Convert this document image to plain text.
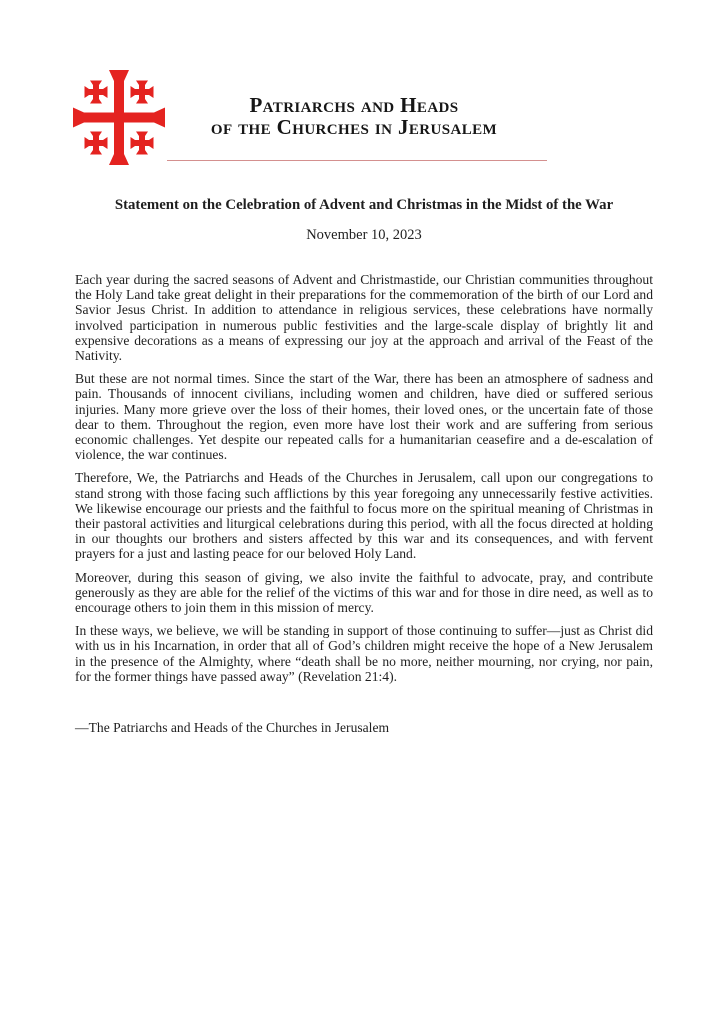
Patriarchs and Heads
of the Churches in Jerusalem
Statement on the Celebration of Advent and Christmas in the Midst of the War
November 10, 2023

Each year during the sacred seasons of Advent and Christmastide, our Christian communities throughout the Holy Land take great delight in their preparations for the commemoration of the birth of our Lord and Savior Jesus Christ. In addition to attendance in religious services, these celebrations have normally involved participation in numerous public festivities and the large-scale display of brightly lit and expensive decorations as a means of expressing our joy at the approach and arrival of the Feast of the Nativity.

But these are not normal times. Since the start of the War, there has been an atmosphere of sadness and pain. Thousands of innocent civilians, including women and children, have died or suffered serious injuries. Many more grieve over the loss of their homes, their loved ones, or the uncertain fate of those dear to them. Throughout the region, even more have lost their work and are suffering from serious economic challenges. Yet despite our repeated calls for a humanitarian ceasefire and a de-escalation of violence, the war continues.

Therefore, We, the Patriarchs and Heads of the Churches in Jerusalem, call upon our congregations to stand strong with those facing such afflictions by this year foregoing any unnecessarily festive activities. We likewise encourage our priests and the faithful to focus more on the spiritual meaning of Christmas in their pastoral activities and liturgical celebrations during this period, with all the focus directed at holding in our thoughts our brothers and sisters affected by this war and its consequences, and with fervent prayers for a just and lasting peace for our beloved Holy Land.

Moreover, during this season of giving, we also invite the faithful to advocate, pray, and contribute generously as they are able for the relief of the victims of this war and for those in dire need, as well as to encourage others to join them in this mission of mercy.

In these ways, we believe, we will be standing in support of those continuing to suffer—just as Christ did with us in his Incarnation, in order that all of God’s children might receive the hope of a New Jerusalem in the presence of the Almighty, where “death shall be no more, neither mourning, nor crying, nor pain, for the former things have passed away” (Revelation 21:4).

—The Patriarchs and Heads of the Churches in Jerusalem
